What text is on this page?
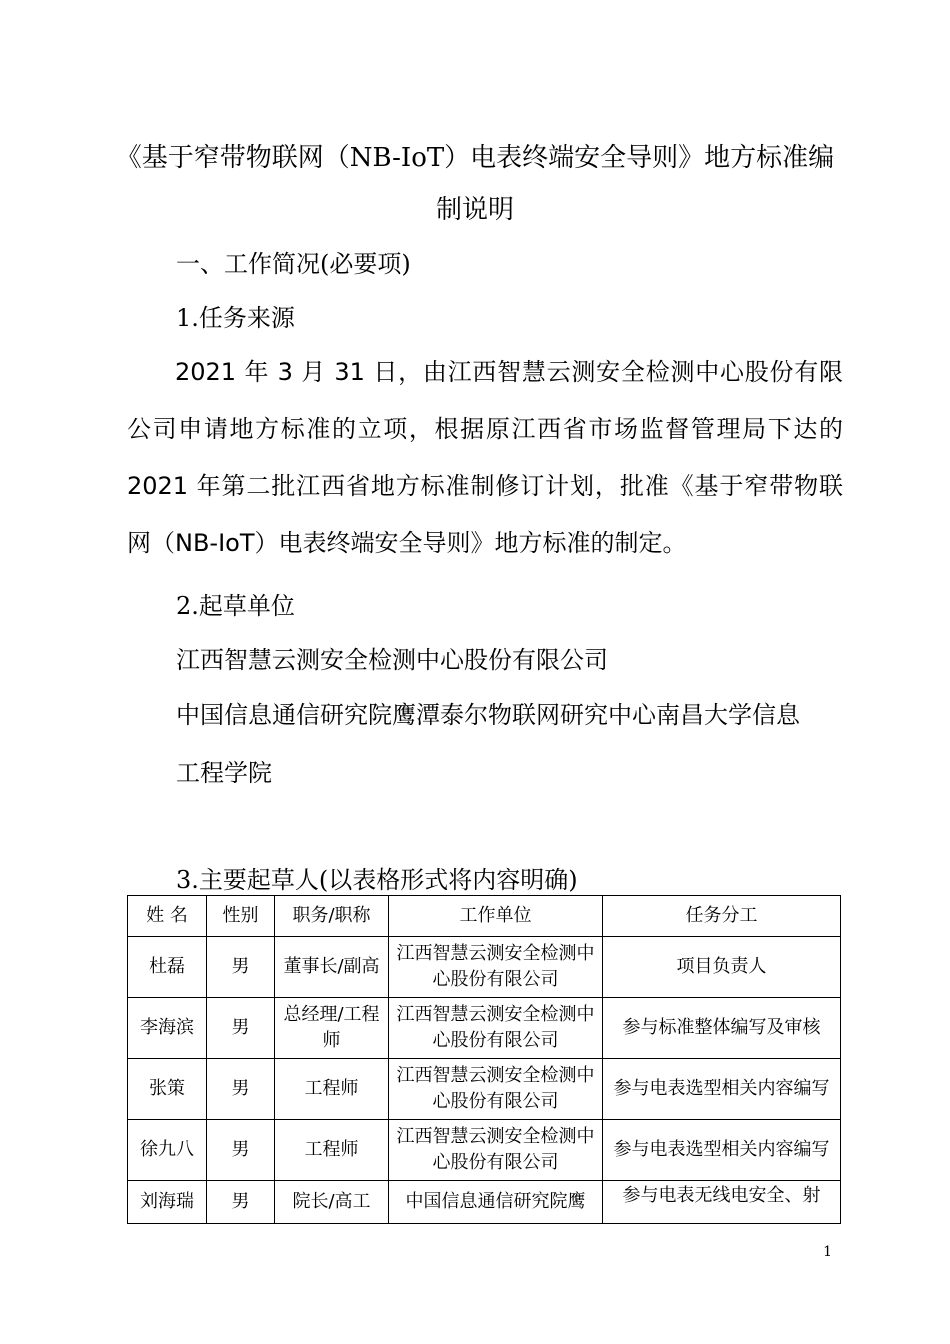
《基于窄带物联网（NB-IoT）电表终端安全导则》地方标准编制说明
一、工作简况(必要项)
1.任务来源
2021 年 3 月 31 日，由江西智慧云测安全检测中心股份有限公司申请地方标准的立项，根据原江西省市场监督管理局下达的 2021 年第二批江西省地方标准制修订计划，批准《基于窄带物联网（NB-IoT）电表终端安全导则》地方标准的制定。
2.起草单位
江西智慧云测安全检测中心股份有限公司
中国信息通信研究院鹰潭泰尔物联网研究中心南昌大学信息
工程学院
3.主要起草人(以表格形式将内容明确)
姓 名	性别	职务/职称	工作单位	任务分工
杜磊	男	董事长/副高	江西智慧云测安全检测中心股份有限公司	项目负责人
李海滨	男	总经理/工程师	江西智慧云测安全检测中心股份有限公司	参与标准整体编写及审核
张策	男	工程师	江西智慧云测安全检测中心股份有限公司	参与电表选型相关内容编写
徐九八	男	工程师	江西智慧云测安全检测中心股份有限公司	参与电表选型相关内容编写
刘海瑞	男	院长/高工	中国信息通信研究院鹰	参与电表无线电安全、射
1
